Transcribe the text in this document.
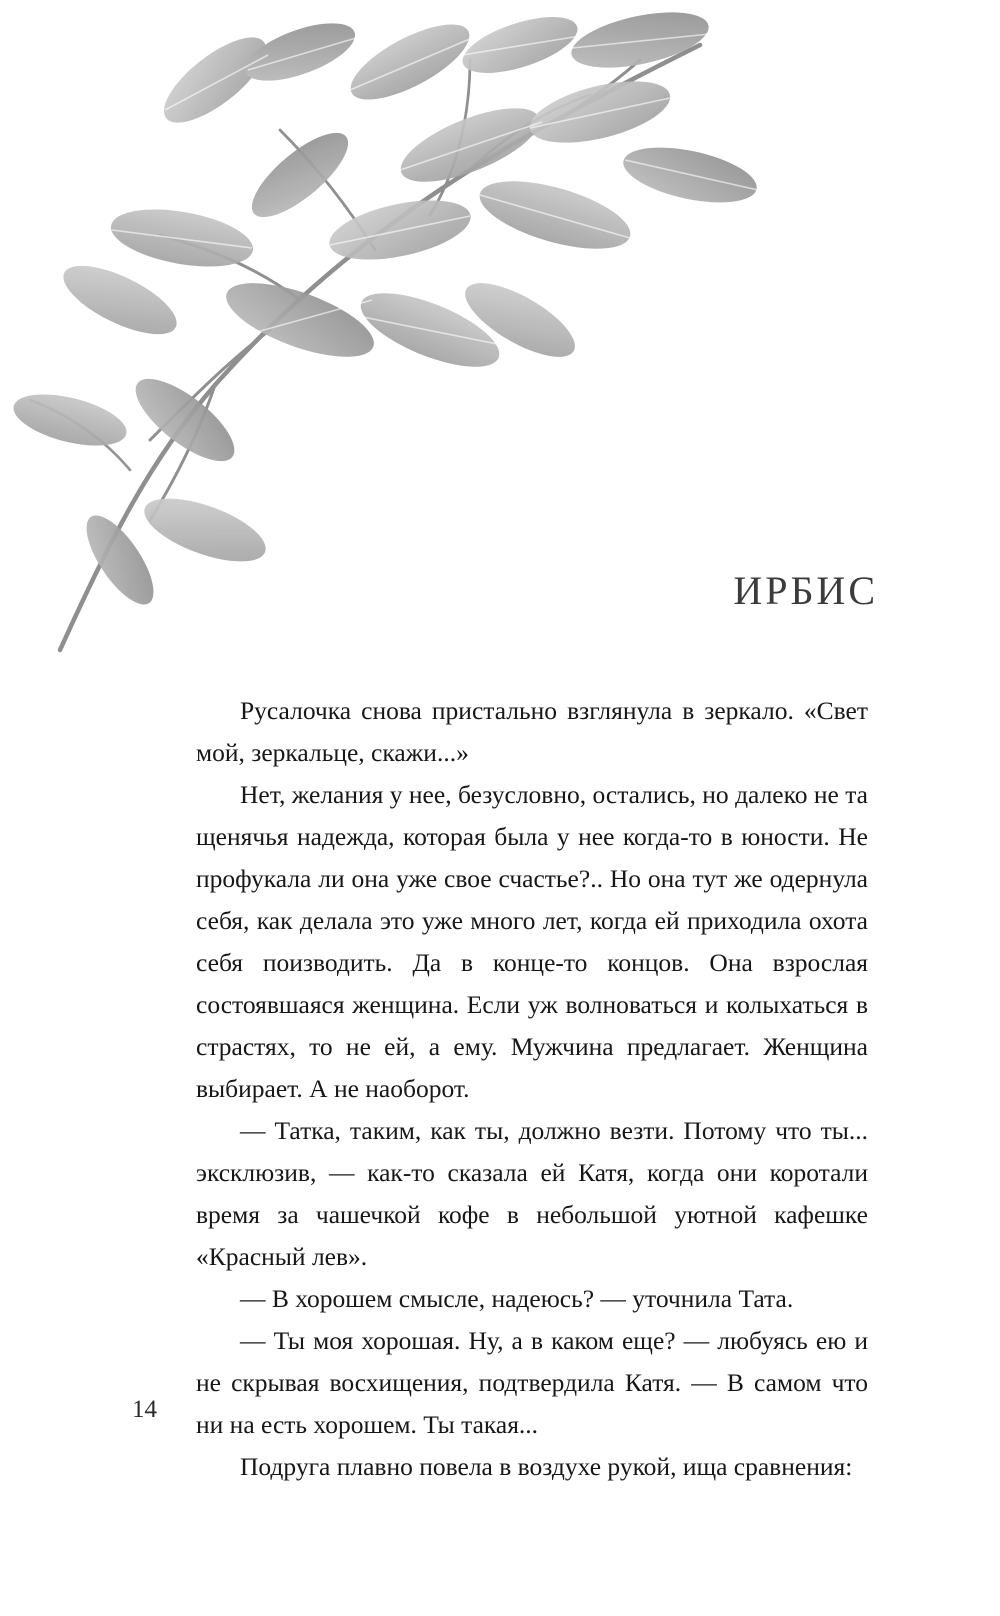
ИРБИС

Русалочка снова пристально взглянула в зеркало. «Свет мой, зеркальце, скажи...»

Нет, желания у нее, безусловно, остались, но далеко не та щенячья надежда, которая была у нее когда-то в юности. Не профукала ли она уже свое счастье?.. Но она тут же одернула себя, как делала это уже много лет, когда ей приходила охота себя поизводить. Да в конце-то концов. Она взрослая состоявшаяся женщина. Если уж волноваться и колыхаться в страстях, то не ей, а ему. Мужчина предлагает. Женщина выбирает. А не наоборот.

— Татка, таким, как ты, должно везти. Потому что ты... эксклюзив, — как-то сказала ей Катя, когда они коротали время за чашечкой кофе в небольшой уютной кафешке «Красный лев».

— В хорошем смысле, надеюсь? — уточнила Тата.

— Ты моя хорошая. Ну, а в каком еще? — любуясь ею и не скрывая восхищения, подтвердила Катя. — В самом что ни на есть хорошем. Ты такая...

Подруга плавно повела в воздухе рукой, ища сравнения:

14
